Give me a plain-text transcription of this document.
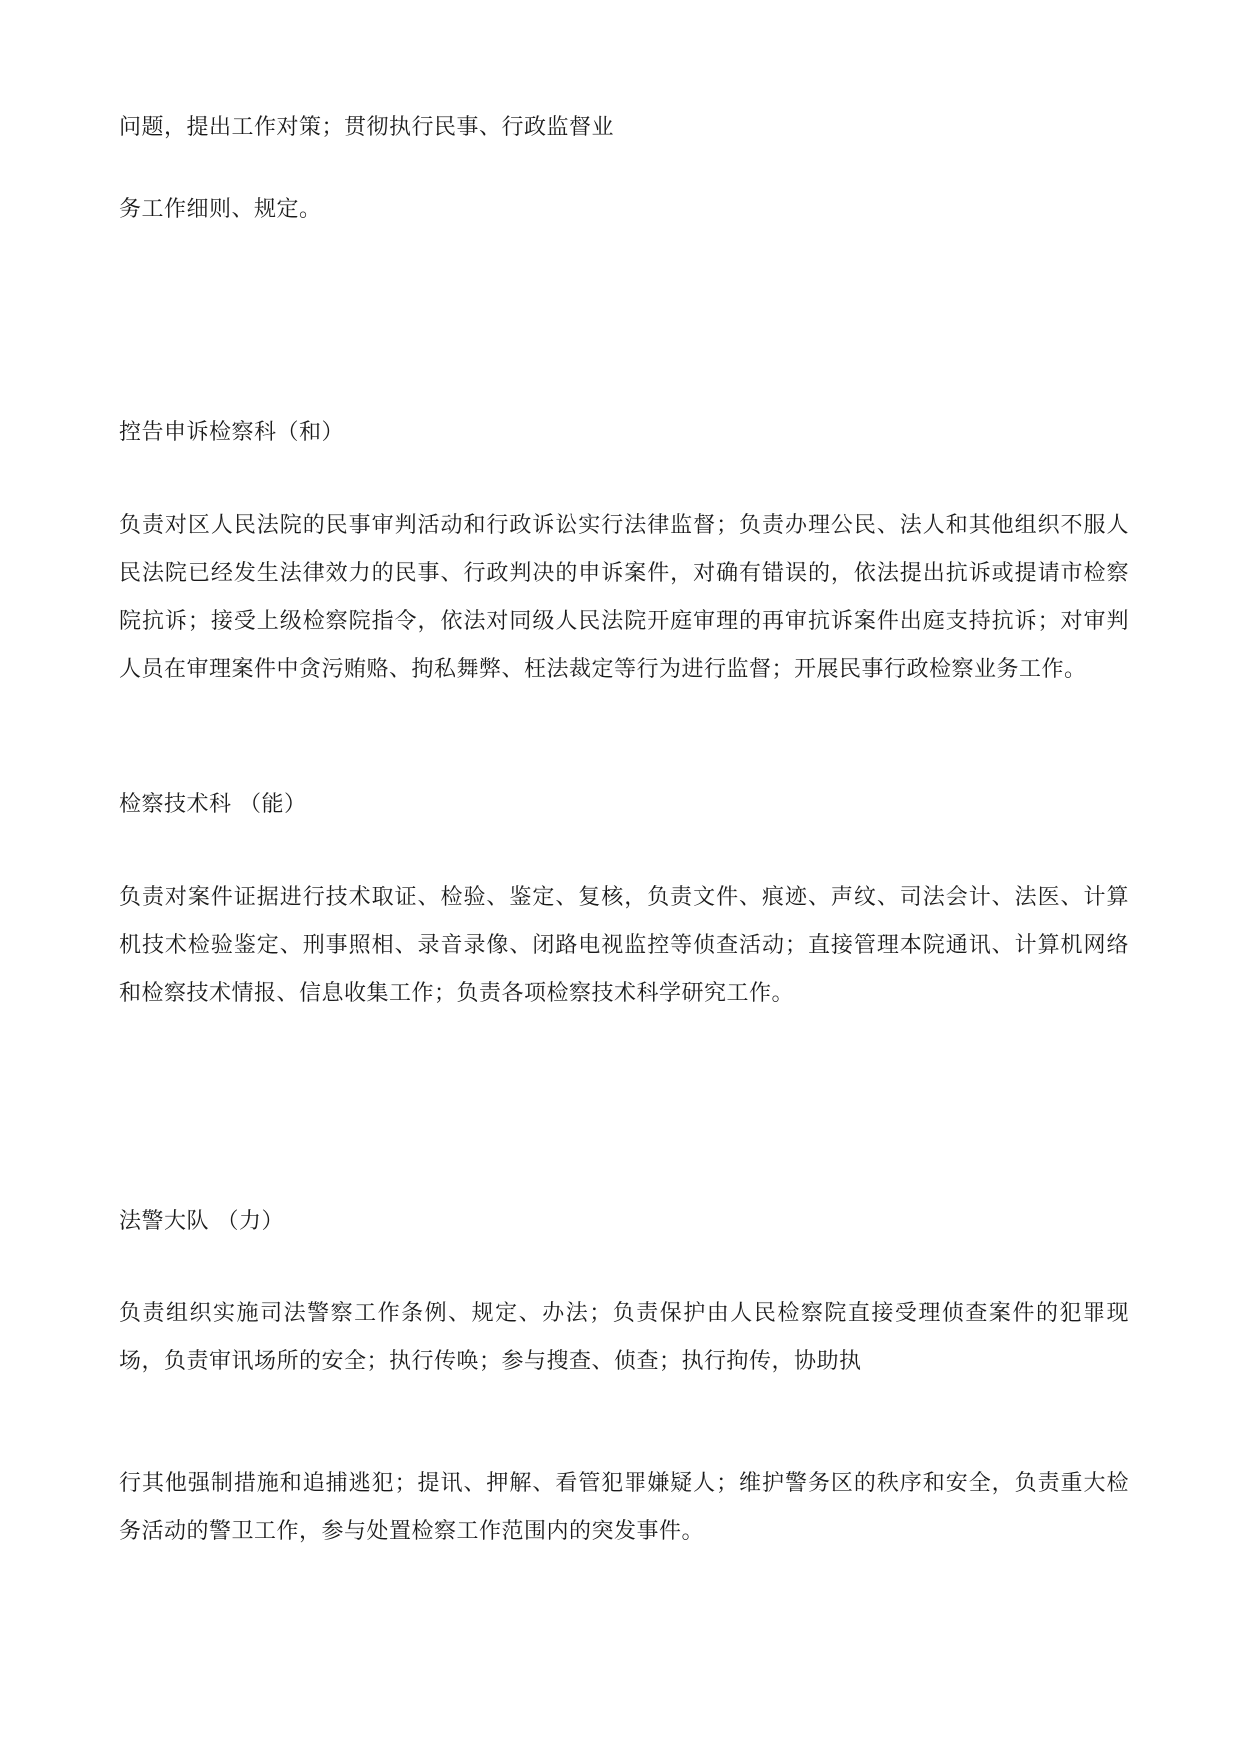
问题，提出工作对策；贯彻执行民事、行政监督业
务工作细则、规定。
控告申诉检察科（和）
负责对区人民法院的民事审判活动和行政诉讼实行法律监督；负责办理公民、法人和其他组织不服人民法院已经发生法律效力的民事、行政判决的申诉案件，对确有错误的，依法提出抗诉或提请市检察院抗诉；接受上级检察院指令，依法对同级人民法院开庭审理的再审抗诉案件出庭支持抗诉；对审判人员在审理案件中贪污贿赂、拘私舞弊、枉法裁定等行为进行监督；开展民事行政检察业务工作。
检察技术科 （能）
负责对案件证据进行技术取证、检验、鉴定、复核，负责文件、痕迹、声纹、司法会计、法医、计算机技术检验鉴定、刑事照相、录音录像、闭路电视监控等侦查活动；直接管理本院通讯、计算机网络和检察技术情报、信息收集工作；负责各项检察技术科学研究工作。
法警大队 （力）
负责组织实施司法警察工作条例、规定、办法；负责保护由人民检察院直接受理侦查案件的犯罪现场，负责审讯场所的安全；执行传唤；参与搜查、侦查；执行拘传，协助执
行其他强制措施和追捕逃犯；提讯、押解、看管犯罪嫌疑人；维护警务区的秩序和安全，负责重大检务活动的警卫工作，参与处置检察工作范围内的突发事件。
